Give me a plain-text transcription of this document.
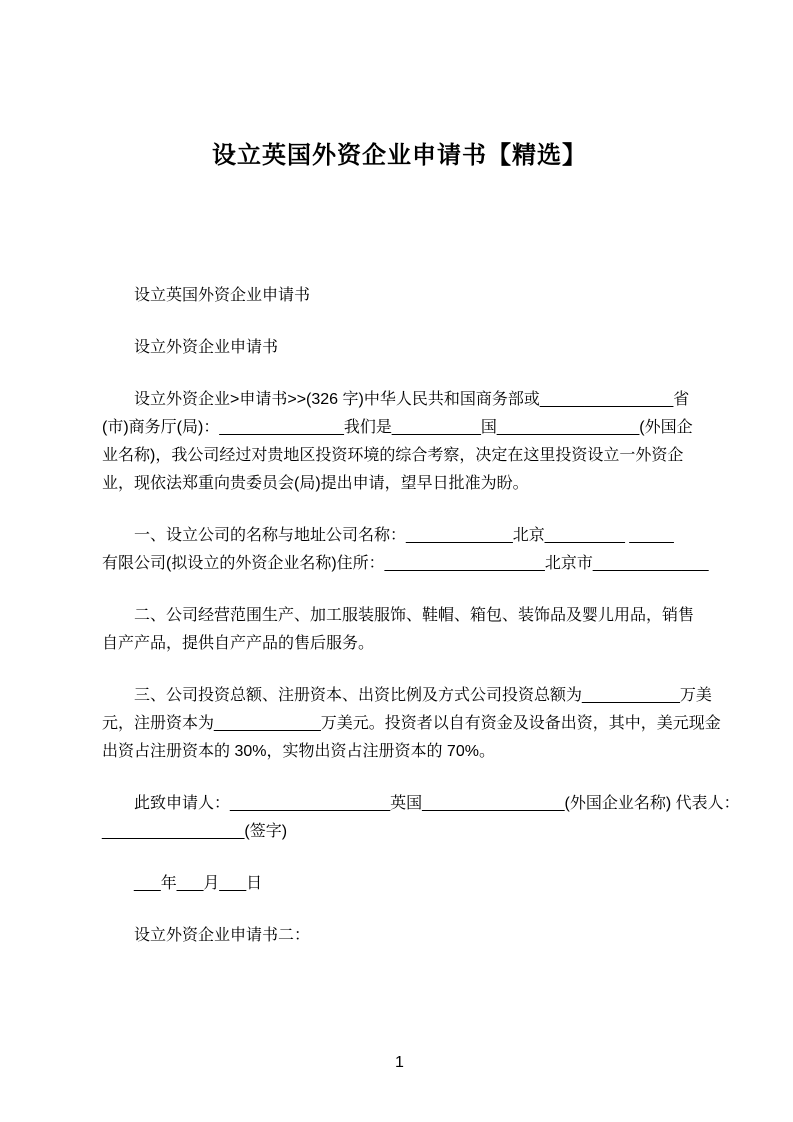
设立英国外资企业申请书【精选】
设立英国外资企业申请书
设立外资企业申请书
设立外资企业>申请书>>(326 字)中华人民共和国商务部或_______________省
(市)商务厅(局)：______________我们是__________国________________(外国企
业名称)，我公司经过对贵地区投资环境的综合考察，决定在这里投资设立一外资企
业，现依法郑重向贵委员会(局)提出申请，望早日批准为盼。
一、设立公司的名称与地址公司名称：____________北京_________ _____
有限公司(拟设立的外资企业名称)住所：__________________北京市_____________
二、公司经营范围生产、加工服装服饰、鞋帽、箱包、装饰品及婴儿用品，销售
自产产品，提供自产产品的售后服务。
三、公司投资总额、注册资本、出资比例及方式公司投资总额为___________万美
元，注册资本为____________万美元。投资者以自有资金及设备出资，其中，美元现金
出资占注册资本的 30%，实物出资占注册资本的 70%。
此致申请人：__________________英国________________(外国企业名称) 代表人：
________________(签字)
___年___月___日
设立外资企业申请书二：
1
